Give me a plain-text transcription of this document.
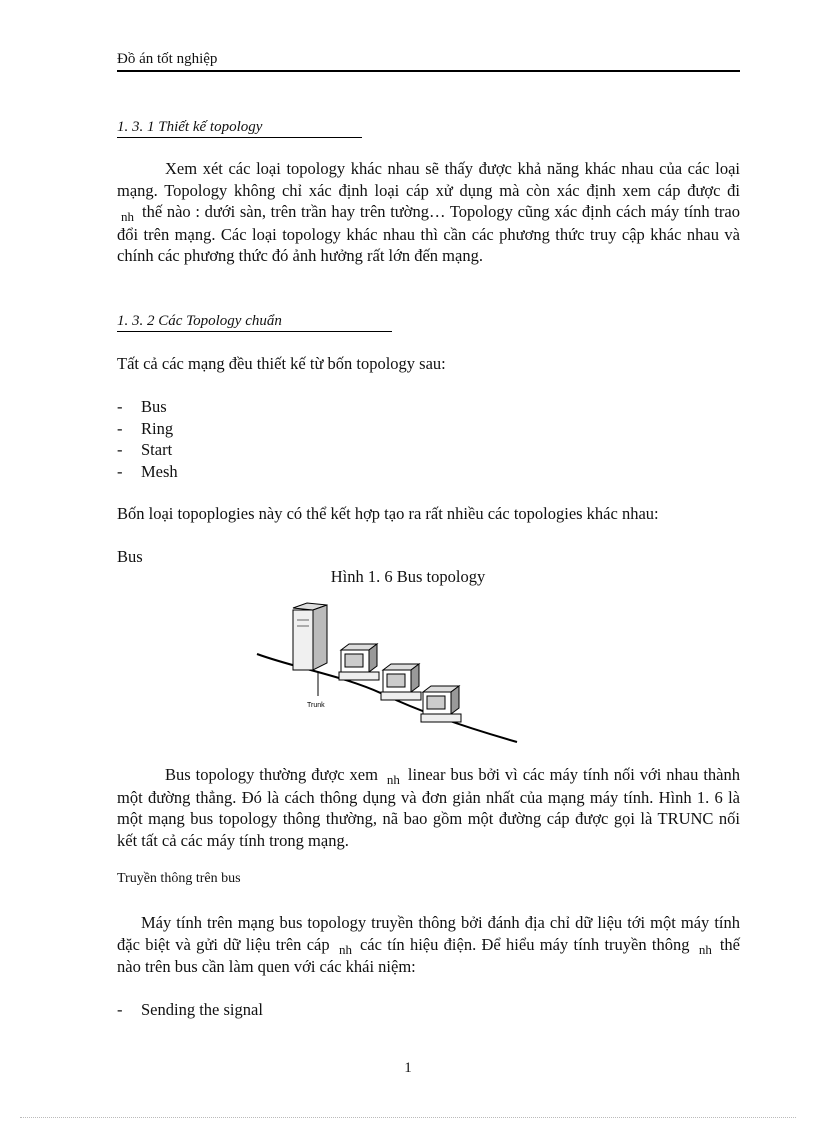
Đồ án tốt nghiệp
1. 3. 1 Thiết kế topology

Xem xét các loại topology khác nhau sẽ thấy được khả năng khác nhau của các loại mạng. Topology không chỉ xác định loại cáp xử dụng mà còn xác định xem cáp được đi $_{nh}$ thế nào : dưới sàn, trên trần hay trên tường… Topology cũng xác định cách máy tính trao đổi trên mạng. Các loại topology khác nhau thì cần các phương thức truy cập khác nhau và chính các phương thức đó ảnh hưởng rất lớn đến mạng.

1. 3. 2 Các Topology chuẩn
Tất cả các mạng đều thiết kế từ bốn topology sau:
- Bus
- Ring
- Start
- Mesh

Bốn loại topoplogies này có thể kết hợp tạo ra rất nhiều các topologies khác nhau:

Bus
Hình 1. 6 Bus topology
Trunk

Bus topology thường được xem $_{nh}$ linear bus bởi vì các máy tính nối với nhau thành một đường thẳng. Đó là cách thông dụng và đơn giản nhất của mạng máy tính. Hình 1. 6 là một mạng bus topology thông thường, nã bao gồm một đường cáp được gọi là TRUNC nối kết tất cả các máy tính trong mạng.

Truyền thông trên bus

Máy tính trên mạng bus topology truyền thông bởi đánh địa chỉ dữ liệu tới một máy tính đặc biệt và gửi dữ liệu trên cáp $_{nh}$ các tín hiệu điện. Để hiểu máy tính truyền thông $_{nh}$ thế nào trên bus cần làm quen với các khái niệm:

- Sending the signal
1
